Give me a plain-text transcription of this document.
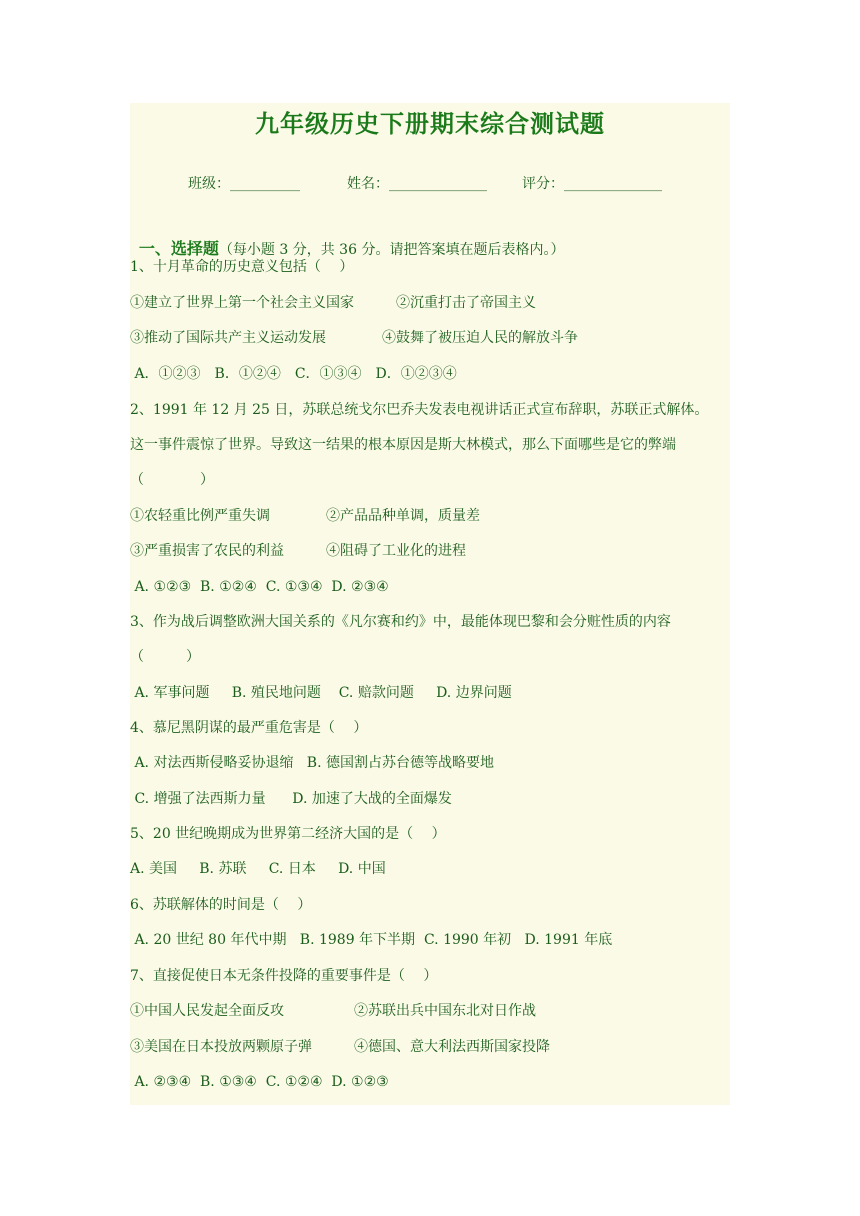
九年级历史下册期末综合测试题
班级：__________	姓名：______________	评分：______________

一、选择题（每小题 3 分，共 36 分。请把答案填在题后表格内。）

1、十月革命的历史意义包括（　 ）
①建立了世界上第一个社会主义国家　　　②沉重打击了帝国主义
③推动了国际共产主义运动发展　　　　④鼓舞了被压迫人民的解放斗争
A．①②③　B．①②④　C．①③④　D．①②③④
2、1991 年 12 月 25 日，苏联总统戈尔巴乔夫发表电视讲话正式宣布辞职，苏联正式解体。
这一事件震惊了世界。导致这一结果的根本原因是斯大林模式，那么下面哪些是它的弊端
（　　　　）
①农轻重比例严重失调　　　　②产品品种单调，质量差
③严重损害了农民的利益　　　④阻碍了工业化的进程
A. ①②③  B. ①②④  C. ①③④  D. ②③④
3、作为战后调整欧洲大国关系的《凡尔赛和约》中，最能体现巴黎和会分赃性质的内容
（　　　）
A. 军事问题     B. 殖民地问题    C. 赔款问题     D. 边界问题
4、慕尼黑阴谋的最严重危害是（　 ）
A. 对法西斯侵略妥协退缩   B. 德国割占苏台德等战略要地
C. 增强了法西斯力量      D. 加速了大战的全面爆发
5、20 世纪晚期成为世界第二经济大国的是（　 ）
A. 美国     B. 苏联     C. 日本     D. 中国
6、苏联解体的时间是（　 ）
A. 20 世纪 80 年代中期   B. 1989 年下半期  C. 1990 年初   D. 1991 年底
7、直接促使日本无条件投降的重要事件是（　 ）
①中国人民发起全面反攻　　　　　②苏联出兵中国东北对日作战
③美国在日本投放两颗原子弹　　　④德国、意大利法西斯国家投降
A. ②③④  B. ①③④  C. ①②④  D. ①②③
